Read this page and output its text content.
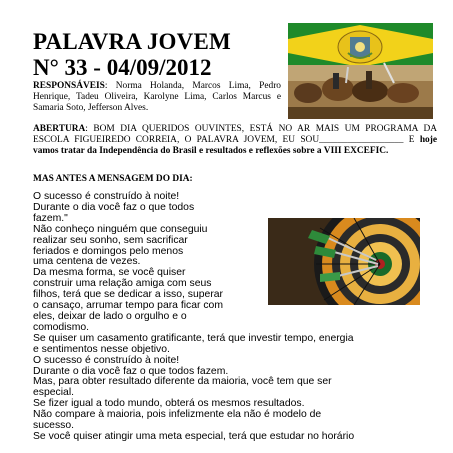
PALAVRA JOVEM
N° 33 - 04/09/2012
RESPONSÁVEIS: Norma Holanda, Marcos Lima, Pedro Henrique, Tadeu Oliveira, Karolyne Lima, Carlos Marcus e Samaria Soto, Jefferson Alves.
ABERTURA: BOM DIA QUERIDOS OUVINTES, ESTÁ NO AR MAIS UM PROGRAMA DA ESCOLA FIGUEIREDO CORREIA, O PALAVRA JOVEM, EU SOU__________________ E hoje vamos tratar da Independência do Brasil e resultados e reflexões sobre a VIII EXCEFIC.
MAS ANTES A MENSAGEM DO DIA:
O sucesso é construído à noite!
Durante o dia você faz o que todos
fazem."
Não conheço ninguém que conseguiu
realizar seu sonho, sem sacrificar
feriados e domingos pelo menos
uma centena de vezes.
Da mesma forma, se você quiser
construir uma relação amiga com seus
filhos, terá que se dedicar a isso, superar
o cansaço, arrumar tempo para ficar com
eles, deixar de lado o orgulho e o
comodismo.
Se quiser um casamento gratificante, terá que investir tempo, energia
e sentimentos nesse objetivo.
O sucesso é construído à noite!
Durante o dia você faz o que todos fazem.
Mas, para obter resultado diferente da maioria, você tem que ser
especial.
Se fizer igual a todo mundo, obterá os mesmos resultados.
Não compare à maioria, pois infelizmente ela não é modelo de
sucesso.
Se você quiser atingir uma meta especial, terá que estudar no horário
